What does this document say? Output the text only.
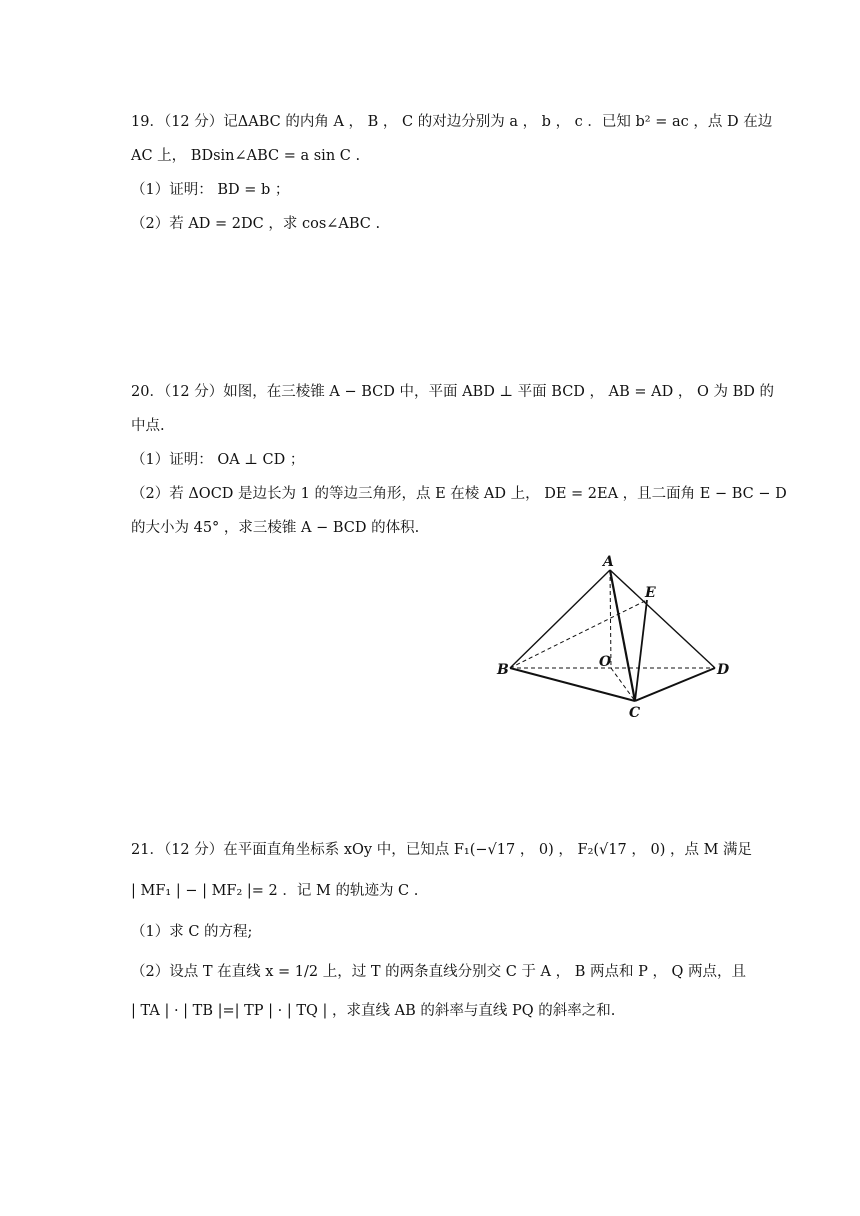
19．（12 分）记ΔABC 的内角 A ， B ， C 的对边分别为 a ， b ， c ．已知 b² = ac ，点 D 在边
AC 上， BDsin∠ABC = a sin C .
（1）证明： BD = b ；
（2）若 AD = 2DC ，求 cos∠ABC .
20．（12 分）如图，在三棱锥 A − BCD 中，平面 ABD ⊥ 平面 BCD ， AB = AD ， O 为 BD 的
中点.
（1）证明： OA ⊥ CD ；
（2）若 ΔOCD 是边长为 1 的等边三角形，点 E 在棱 AD 上， DE = 2EA ，且二面角 E − BC − D
的大小为 45° ，求三棱锥 A − BCD 的体积.
A
B
C
D
E
O
21．（12 分）在平面直角坐标系 xOy 中，已知点 F₁(−√17 ， 0) ， F₂(√17 ， 0) ，点 M 满足
| MF₁ | − | MF₂ |= 2 ．记 M 的轨迹为 C .
（1）求 C 的方程;
（2）设点 T 在直线 x = 1/2 上，过 T 的两条直线分别交 C 于 A ， B 两点和 P ， Q 两点，且
| TA | · | TB |=| TP | · | TQ | ，求直线 AB 的斜率与直线 PQ 的斜率之和.
